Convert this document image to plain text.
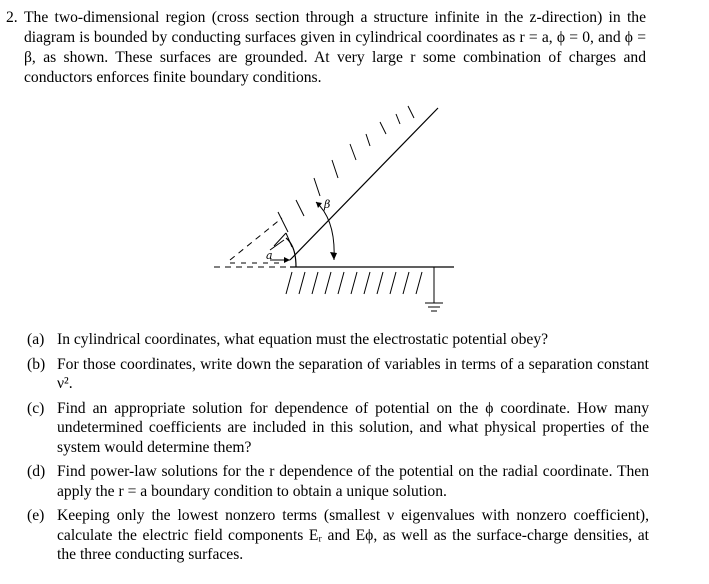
2. The two-dimensional region (cross section through a structure infinite in the z-direction) in the diagram is bounded by conducting surfaces given in cylindrical coordinates as r = a, ϕ = 0, and ϕ = β, as shown. These surfaces are grounded. At very large r some combination of charges and conductors enforces finite boundary conditions.
a
β
(a) In cylindrical coordinates, what equation must the electrostatic potential obey?
(b) For those coordinates, write down the separation of variables in terms of a separation constant ν².
(c) Find an appropriate solution for dependence of potential on the ϕ coordinate. How many undetermined coefficients are included in this solution, and what physical properties of the system would determine them?
(d) Find power-law solutions for the r dependence of the potential on the radial coordinate. Then apply the r = a boundary condition to obtain a unique solution.
(e) Keeping only the lowest nonzero terms (smallest ν eigenvalues with nonzero coefficient), calculate the electric field components Eᵣ and Eϕ, as well as the surface-charge densities, at the three conducting surfaces.
